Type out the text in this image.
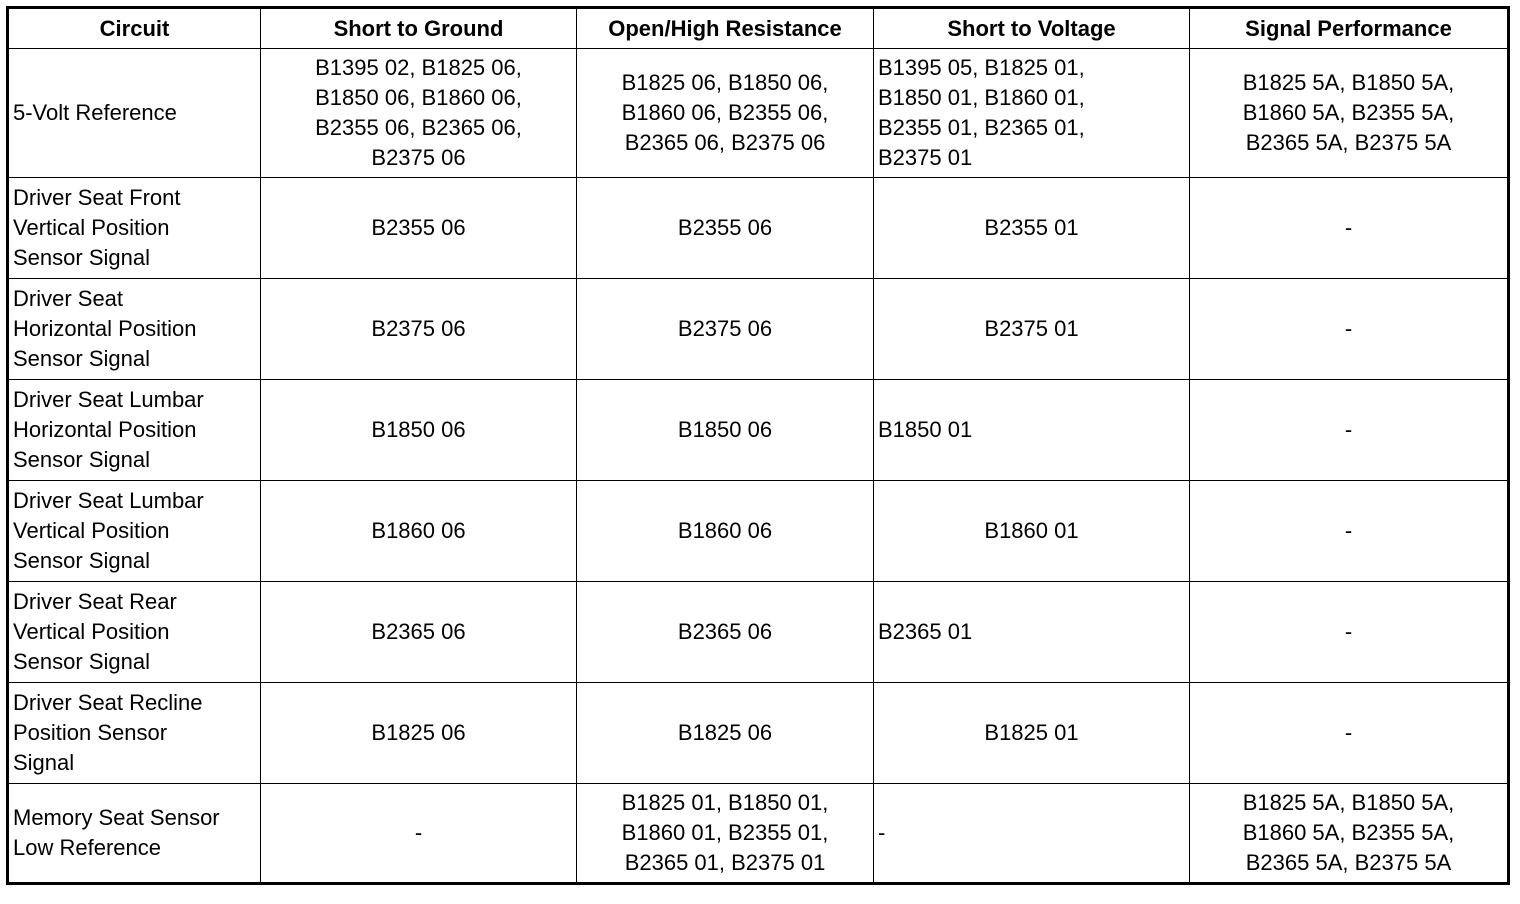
Circuit	Short to Ground	Open/High Resistance	Short to Voltage	Signal Performance

5-Volt Reference	B1395 02, B1825 06,
B1850 06, B1860 06,
B2355 06, B2365 06,
B2375 06	B1825 06, B1850 06,
B1860 06, B2355 06,
B2365 06, B2375 06	B1395 05, B1825 01,
B1850 01, B1860 01,
B2355 01, B2365 01,
B2375 01	B1825 5A, B1850 5A,
B1860 5A, B2355 5A,
B2365 5A, B2375 5A

Driver Seat Front
Vertical Position
Sensor Signal	B2355 06	B2355 06	B2355 01	-

Driver Seat
Horizontal Position
Sensor Signal	B2375 06	B2375 06	B2375 01	-

Driver Seat Lumbar
Horizontal Position
Sensor Signal	B1850 06	B1850 06	B1850 01	-

Driver Seat Lumbar
Vertical Position
Sensor Signal	B1860 06	B1860 06	B1860 01	-

Driver Seat Rear
Vertical Position
Sensor Signal	B2365 06	B2365 06	B2365 01	-

Driver Seat Recline
Position Sensor
Signal	B1825 06	B1825 06	B1825 01	-

Memory Seat Sensor
Low Reference	-	B1825 01, B1850 01,
B1860 01, B2355 01,
B2365 01, B2375 01	-	B1825 5A, B1850 5A,
B1860 5A, B2355 5A,
B2365 5A, B2375 5A
